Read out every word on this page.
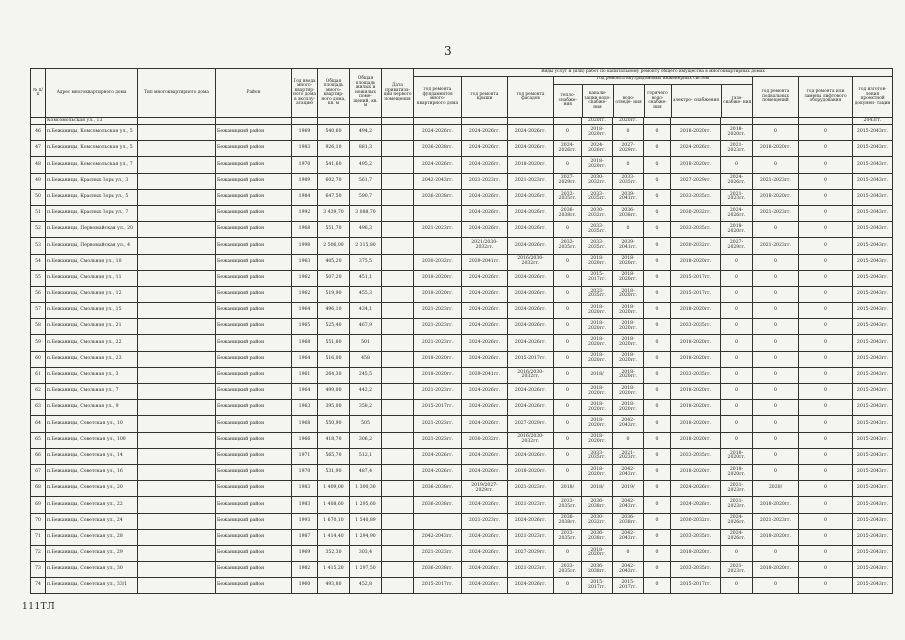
3
№ п/п	Адрес многоквартирного дома	Тип многоквартирного дома	Район	Год ввода много- квартир- ного дома в эксплу- атацию	Общая площадь много- квартир- ного дома, кв. м	Общая площадь жилых и нежилых поме- щений, кв. м	Дата приватиза- ции первого помещения	Виды услуг и (или) работ по капитальному ремонту общего имущества в многоквартирных домах
год ремонта фундаментов много- квартирного дома	год ремонта крыши	год ремонта фасадов	
год ремонта внутридомовых инженерных систем
тепло- снабже- ния	канали- зации водо- снабже- ния	водо- отведе- ния	горячего водо- снабже- ния	электро- снабжения	газо- снабже- ния
	год ремонта подвальных помещений	год ремонта или замены лифтового оборудования	год изготов- ления проектной докумен- тации
	Комсомольская ул., 13											2020гг.	2020гг.						2043гг.
46	п.Бежаницы, Комсомольская ул., 5		Бежаницкий район	1969	540,60	494,2		2024-2026гг.	2024-2026гг.	2024-2026гг.	0	2018-2020гг.	0	0	2018-2020гг.	2018-2020гг.	0	0	2015-2043гг.
47	п.Бежаницы, Комсомольская ул., 5		Бежаницкий район	1983	926,10	881,3		2036-2038гг.	2024-2026гг.	2024-2026гг.	2024-2026гг.	2024-2026гг.	2027-2029гг.	0	2024-2026гг.	2021-2023гг.	2018-2020гг.	0	2015-2043гг.
48	п.Бежаницы, Комсомольская ул., 7		Бежаницкий район	1970	541,60	495,2		2024-2026гг.	2024-2026гг.	2018-2020гг.	0	2018-2020гг.	0	0	2018-2020гг.	0	0	0	2015-2043гг.
49	п.Бежаницы, Красных Зорь ул., 3		Бежаницкий район	1989	602,70	561,7		2042-2043гг.	2021-2023гг.	2021-2023гг.	2027-2029гг.	2030-2032гг.	2033-2035гг.	0	2027-2029гг.	2024-2026гг.	2021-2023гг.	0	2015-2043гг.
50	п.Бежаницы, Красных Зорь ул., 5		Бежаницкий район	1984	647,50	590,7		2036-2038гг.	2024-2026гг.	2024-2026гг.	2033-2035гг.	2033-2035гг.	2039-2041гг.	0	2033-2035гг.	2021-2023гг.	2018-2020гг.	0	2015-2043гг.
51	п.Бежаницы, Красных Зорь ул., 7		Бежаницкий район	1992	3 439,70	3 088,70			2024-2026гг.	2024-2026гг.	2036-2038гг.	2030-2032гг.	2036-2038гг.	0	2030-2032гг.	2024-2026гг.	2021-2023гг.	0	2015-2043гг.
52	п.Бежаницы, Первомайская ул., 20		Бежаницкий район	1968	551,70	496,3		2021-2023гг.	2024-2026гг.	2024-2026гг.	0	2033-2035гг.	0	0	2033-2035гг.	2018-2020гг.	0	0	2015-2043гг.
53	п.Бежаницы, Первомайская ул., 4		Бежаницкий район	1998	2 506,00	2 315,80			2021/2030-2032гг.	2024-2026гг.	2033-2035гг.	2033-2035гг.	2039-2041гг.	0	2030-2032гг.	2027-2029гг.	2021-2023гг.	0	2015-2043гг.
54	п.Бежаницы, Смольная ул., 10		Бежаницкий район	1963	405,20	375,5		2030-2032гг.	2039-2041гг.	2016/2030-2032гг.	0	2018-2020гг.	2018-2020гг.	0	2018-2020гг.	0	0	0	2015-2043гг.
55	п.Бежаницы, Смольная ул., 11		Бежаницкий район	1962	507,20	451,1		2018-2020гг.	2024-2026гг.	2024-2026гг.	0	2015-2017гг.	2018-2020гг.	0	2015-2017гг.	0	0	0	2015-2043гг.
56	п.Бежаницы, Смольная ул., 12		Бежаницкий район	1962	519,90	455,3		2018-2020гг.	2024-2026гг.	2024-2026гг.	0	2033-2035гг.	2018-2020гг.	0	2015-2017гг.	0	0	0	2015-2043гг.
57	п.Бежаницы, Смольная ул., 15		Бежаницкий район	1964	496,10	434,1		2021-2023гг.	2024-2026гг.	2024-2026гг.	0	2018-2020гг.	2018-2020гг.	0	2018-2020гг.	0	0	0	2015-2043гг.
58	п.Бежаницы, Смольная ул., 21		Бежаницкий район	1965	525,40	467,9		2021-2023гг.	2024-2026гг.	2024-2026гг.	0	2018-2020гг.	2018-2020гг.	0	2033-2035гг.	0	0	0	2015-2043гг.
59	п.Бежаницы, Смольная ул., 22		Бежаницкий район	1968	551,80	501		2021-2023гг.	2024-2026гг.	2024-2026гг.	0	2018-2020гг.	2018-2020гг.	0	2018-2020гг.	0	0	0	2015-2043гг.
60	п.Бежаницы, Смольная ул., 23		Бежаницкий район	1964	516,00	458		2018-2020гг.	2024-2026гг.	2015-2017гг.	0	2018-2020гг.	2018-2020гг.	0	2018-2020гг.	0	0	0	2015-2043гг.
61	п.Бежаницы, Смольная ул., 3		Бежаницкий район	1961	264,30	245,5		2018-2020гг.	2039-2041гг.	2016/2030-2032гг.	0	2018/	2018-2020гг.	0	2033-2035гг.	0	0	0	2015-2043гг.
62	п.Бежаницы, Смольная ул., 7		Бежаницкий район	1964	499,00	442,2		2021-2023гг.	2024-2026гг.	2024-2026гг.	0	2018-2020гг.	2018-2020гг.	0	2018-2020гг.	0	0	0	2015-2043гг.
63	п.Бежаницы, Смольная ул., 9		Бежаницкий район	1963	395,00	358,2		2015-2017гг.	2024-2026гг.	2024-2026гг.	0	2018-2020гг.	2018-2020гг.	0	2018-2020гг.	0	0	0	2015-2043гг.
64	п.Бежаницы, Советская ул., 10		Бежаницкий район	1968	550,90	505		2021-2023гг.	2024-2026гг.	2027-2029гг.	0	2018-2020гг.	2042-2043гг.	0	2018-2020гг.	0	0	0	2015-2043гг.
65	п.Бежаницы, Советская ул., 100		Бежаницкий район	1966	418,70	306,2		2021-2023гг.	2030-2032гг.	2016/2030-2032гг.	0	2018-2020гг.	0	0	2018-2020гг.	0	0	0	2015-2043гг.
66	п.Бежаницы, Советская ул., 14		Бежаницкий район	1971	565,70	512,1		2024-2026гг.	2024-2026гг.	2024-2026гг.	0	2033-2035гг.	2021-2023гг.	0	2033-2035гг.	2018-2020гг.	0	0	2015-2043гг.
67	п.Бежаницы, Советская ул., 16		Бежаницкий район	1970	531,90	487,4		2024-2026гг.	2024-2026гг.	2018-2020гг.	0	2018-2020гг.	2042-2043гг.	0	2018-2020гг.	2018-2020гг.	0	0	2015-2043гг.
68	п.Бежаницы, Советская ул., 20		Бежаницкий район	1983	1 409,00	1 300,30		2036-2038гг.	2019/2027-2029гг.	2021-2023гг.	2018/	2018/	2019/	0	2024-2026гг.	2021-2023гг.	2020/	0	2015-2043гг.
69	п.Бежаницы, Советская ул., 22		Бежаницкий район	1983	1 408,60	1 295,60		2036-2038гг.	2024-2026гг.	2021-2023гг.	2033-2035гг.	2036-2038гг.	2042-2043гг.	0	2024-2026гг.	2021-2023гг.	2018-2020гг.	0	2015-2043гг.
70	п.Бежаницы, Советская ул., 24		Бежаницкий район	1993	1 670,10	1 540,89			2021-2023гг.	2024-2026гг.	2036-2038гг.	2030-2032гг.	2036-2038гг.	0	2030-2032гг.	2024-2026гг.	2021-2023гг.	0	2015-2043гг.
71	п.Бежаницы, Советская ул., 28		Бежаницкий район	1987	1 414,40	1 294,90		2042-2043гг.	2024-2026гг.	2021-2023гг.	2033-2035гг.	2036-2038гг.	2042-2043гг.	0	2033-2035гг.	2024-2026гг.	2018-2020гг.	0	2015-2043гг.
72	п.Бежаницы, Советская ул., 29		Бежаницкий район	1969	352,30	303,4		2021-2023гг.	2024-2026гг.	2027-2029гг.	0	2018-2020гг.	0	0	2018-2020гг.	0	0	0	2015-2043гг.
73	п.Бежаницы, Советская ул., 30		Бежаницкий район	1982	1 415,20	1 297,50		2036-2038гг.	2024-2026гг.	2021-2023гг.	2033-2035гг.	2036-2038гг.	2042-2043гг.	0	2033-2035гг.	2021-2023гг.	2018-2020гг.	0	2015-2043гг.
74	п.Бежаницы, Советская ул., 33/1		Бежаницкий район	1960	493,80	452,8		2015-2017гг.	2024-2026гг.	2024-2026гг.	0	2015-2017гг.	2015-2017гг.	0	2015-2017гг.	0	0	0	2015-2043гг.
111ТЛ
